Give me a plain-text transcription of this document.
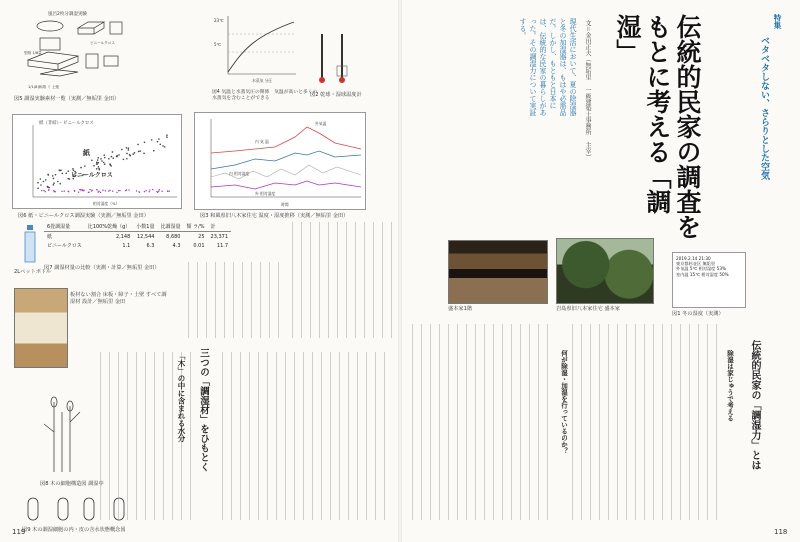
風呂2枚分調湿実験
型紙 1/8量
ビニールクロス
1/1(8)和紙 ミ 土壁
図5 調湿実験素材一覧（実測／無垢里 金田）
23℃
5℃
水蒸気 分圧
図4 気温と水蒸気圧の関係　気温が高いと多くの水蒸気を含むことができる
図2 乾球・湿球温度計
紙（非結）・ビニールクロス
紙
ビニールクロス
相対湿度（%）
図6 紙・ビニールクロス調湿実験（実測／無垢里 金田）
外気温
内 気 温
内 相対湿度
外 相対湿度
時間
図3 和風県旧八木家住宅 温度・湿度推移（実測／無垢里 金田）
2Lペットボトル
6畳調湿量	比100%乾燥（g）	小数1量	比調湿量	類 ラ/%	計
紙	2,148	12,544	8,680	25	23,371
ビニールクロス	1.1	6.3	4.3	0.01	11.7
図7 調湿材量の比較（実測・計算／無垢里 金田）
板材ない割合 床板・障子・土壁 すべて調湿材 設計／無垢里 金田
図8 木の細胞構造図 調湿中
図9 木の調湿細胞の内・皮の含水状態概念図
三つの「調湿材」をひもとく
「木」の中に含まれる水分
119
特集
ベタベタしない、さらりとした空気
伝統的民家の調査をもとに考える「調湿」
文＝金田正夫（無垢里 一級建築士事務所 主宰）
現代生活において、夏の除湿器と冬の加湿器は、もはや必需品だ。しかし、もともと日本には、伝統的な民家の暮らしがあった。その調湿力について実証する。
盛本家1階	岩島県旧八本家住宅 盛本家
2019.2.14 21:30
東京都杉並区 無垢里
外気温 5℃ 相対湿度 53%
室内温 15℃ 相対湿度 50%
図1 冬の湿度（実測）
伝統的民家の「調湿力」とは
除湿は家じゅうで考える
何が除湿・加湿を行っているのか？
118
